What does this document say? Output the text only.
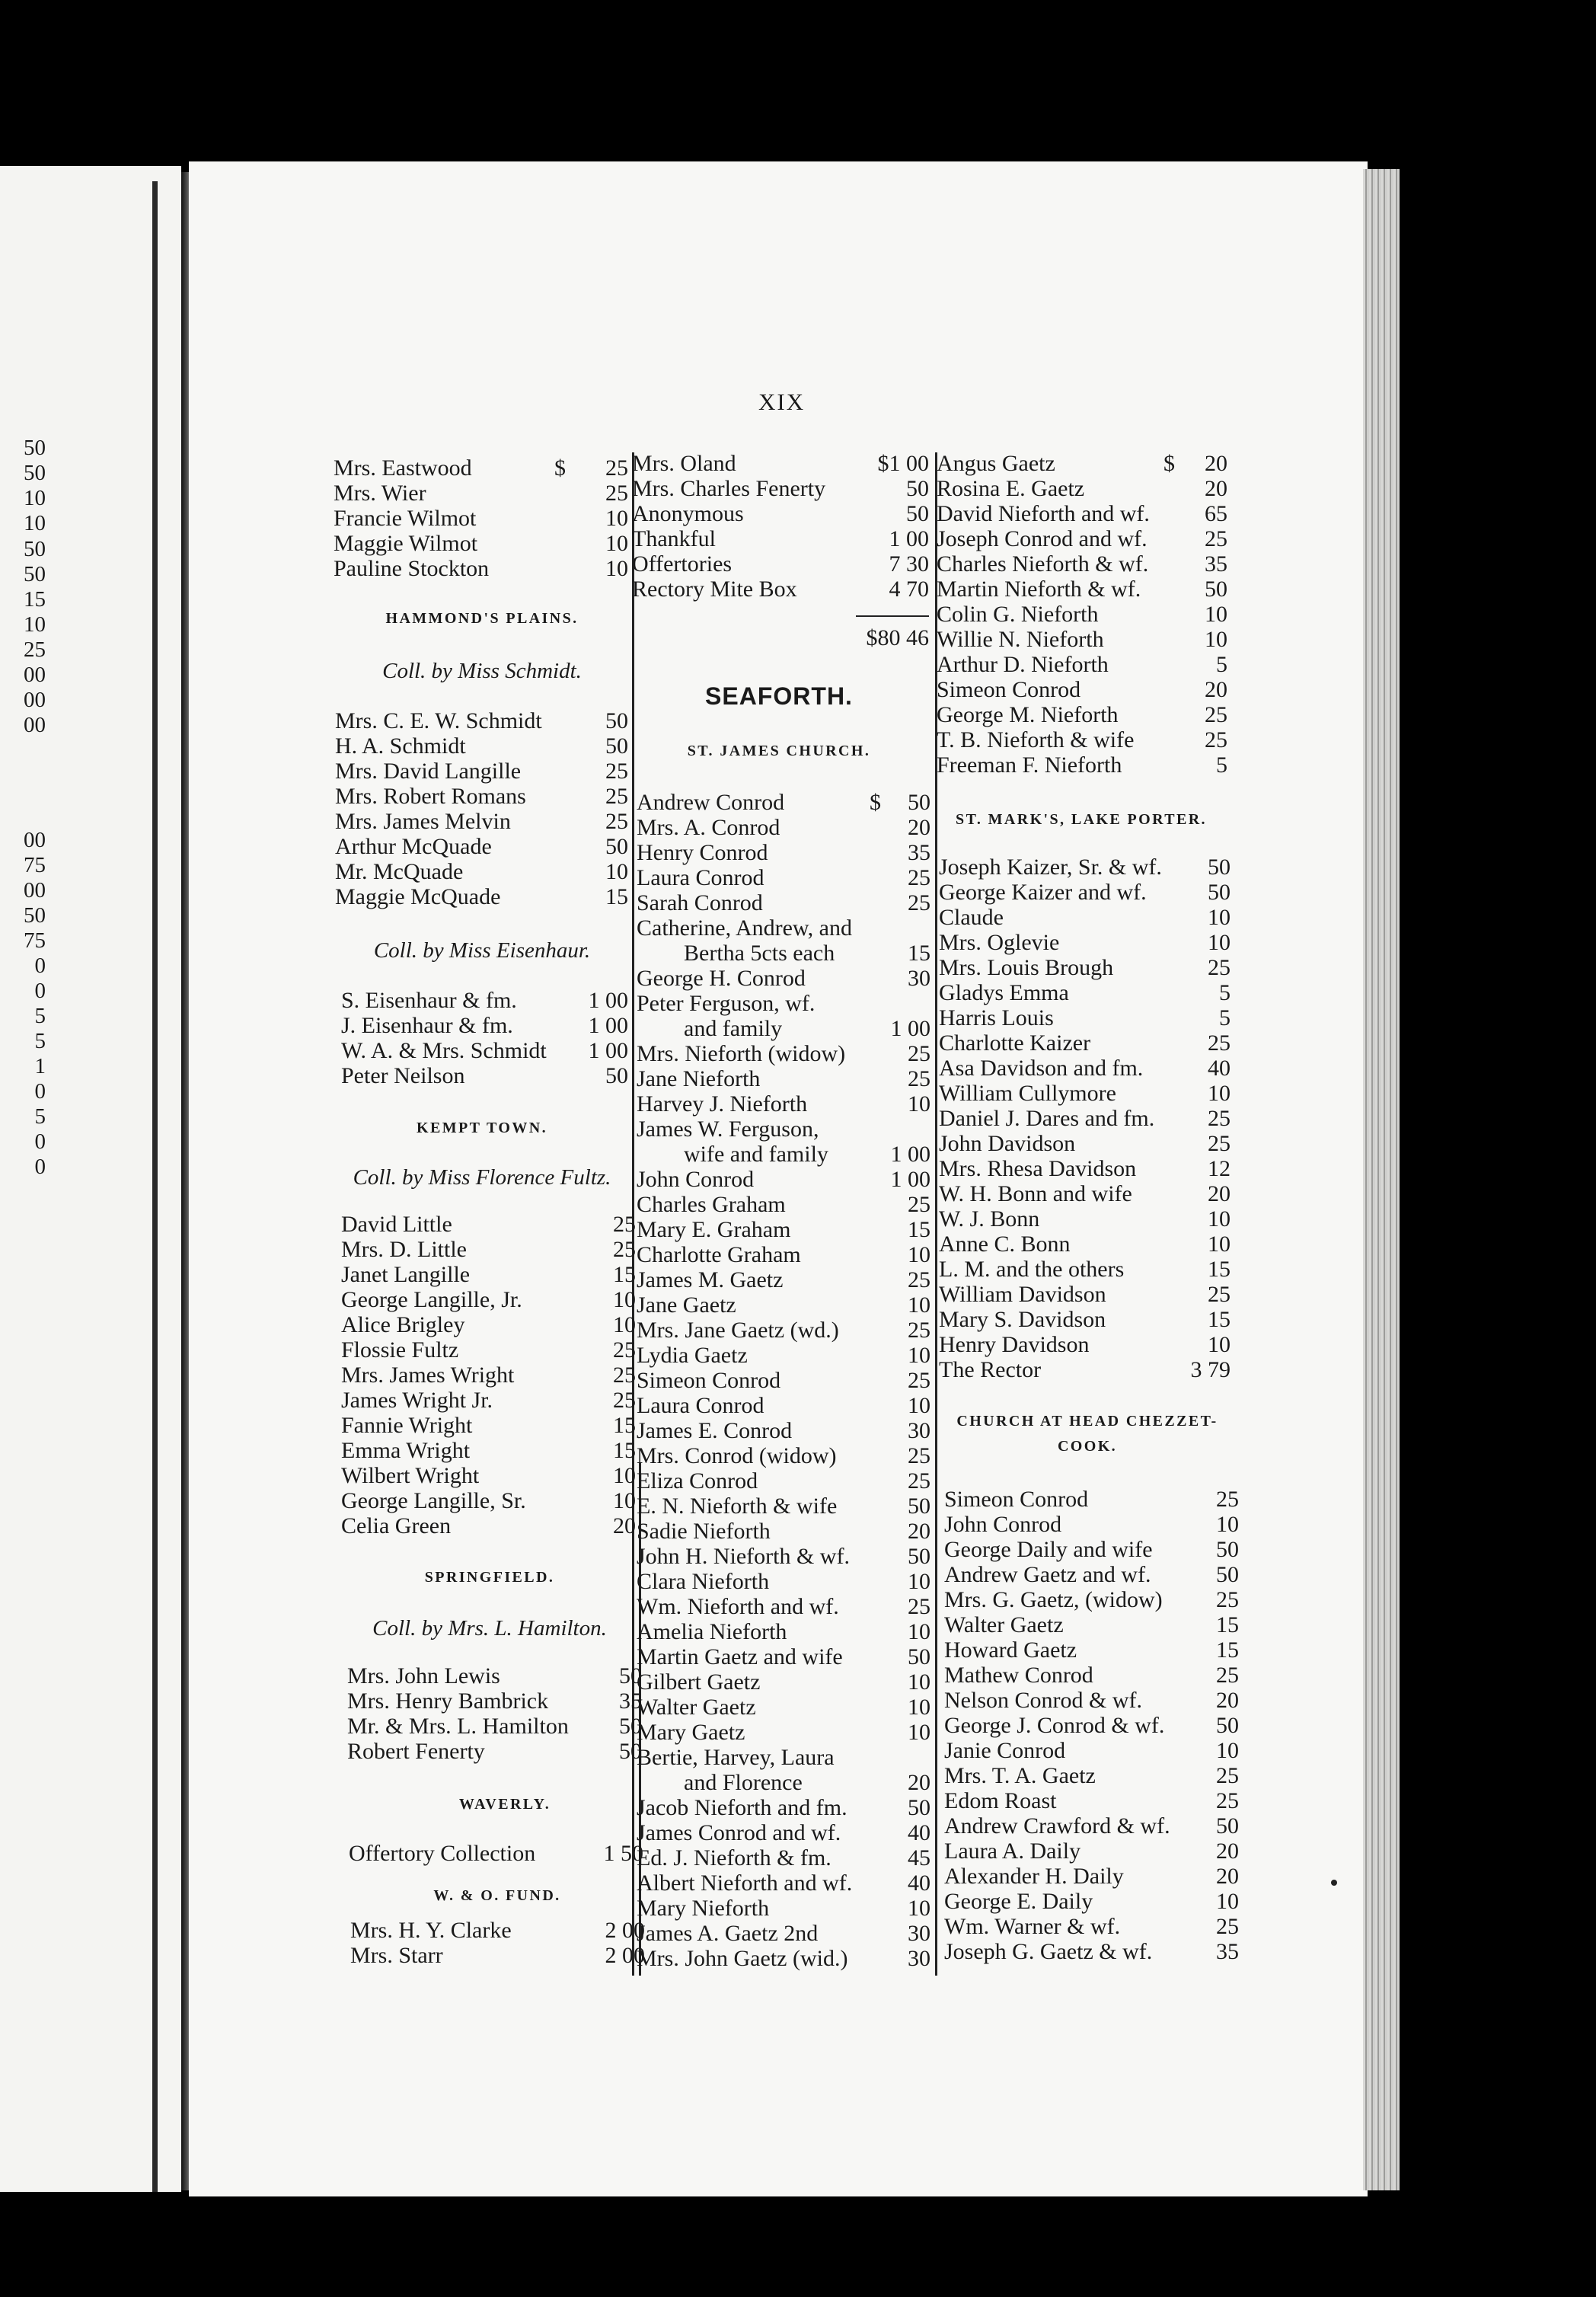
50
50
10
10
50
50
15
10
25
00
00
00
00
75
00
50
75
0
0
5
5
1
0
5
0
0
XIX
Mrs. Eastwood	$ 25
Mrs. Wier	25
Francie Wilmot	10
Maggie Wilmot	10
Pauline Stockton	10
HAMMOND'S PLAINS.
Coll. by Miss Schmidt.
Mrs. C. E. W. Schmidt	50
H. A. Schmidt	50
Mrs. David Langille	25
Mrs. Robert Romans	25
Mrs. James Melvin	25
Arthur McQuade	50
Mr. McQuade	10
Maggie McQuade	15
Coll. by Miss Eisenhaur.
S. Eisenhaur & fm.	1 00
J. Eisenhaur & fm.	1 00
W. A. & Mrs. Schmidt 1 00
Peter Neilson	50
KEMPT TOWN.
Coll. by Miss Florence Fultz.
David Little	25
Mrs. D. Little	25
Janet Langille	15
George Langille, Jr.	10
Alice Brigley	10
Flossie Fultz	25
Mrs. James Wright	25
James Wright Jr.	25
Fannie Wright	15
Emma Wright	15
Wilbert Wright	10
George Langille, Sr.	10
Celia Green	20
SPRINGFIELD.
Coll. by Mrs. L. Hamilton.
Mrs. John Lewis	50
Mrs. Henry Bambrick	35
Mr. & Mrs. L. Hamilton 50
Robert Fenerty	50
WAVERLY.
Offertory Collection	1 50
W. & O. FUND.
Mrs. H. Y. Clarke	2 00
Mrs. Starr	2 00
Mrs. Oland	$1 00
Mrs. Charles Fenerty	50
Anonymous	50
Thankful	1 00
Offertories	7 30
Rectory Mite Box	4 70
$80 46
SEAFORTH.
ST. JAMES CHURCH.
Andrew Conrod	$ 50
Mrs. A. Conrod	20
Henry Conrod	35
Laura Conrod	25
Sarah Conrod	25
Catherine, Andrew, and
Bertha 5cts each	15
George H. Conrod	30
Peter Ferguson, wf.
and family	1 00
Mrs. Nieforth (widow)	25
Jane Nieforth	25
Harvey J. Nieforth	10
James W. Ferguson,
wife and family	1 00
John Conrod	1 00
Charles Graham	25
Mary E. Graham	15
Charlotte Graham	10
James M. Gaetz	25
Jane Gaetz	10
Mrs. Jane Gaetz (wd.)	25
Lydia Gaetz	10
Simeon Conrod	25
Laura Conrod	10
James E. Conrod	30
Mrs. Conrod (widow)	25
Eliza Conrod	25
E. N. Nieforth & wife	50
Sadie Nieforth	20
John H. Nieforth & wf.	50
Clara Nieforth	10
Wm. Nieforth and wf.	25
Amelia Nieforth	10
Martin Gaetz and wife	50
Gilbert Gaetz	10
Walter Gaetz	10
Mary Gaetz	10
Bertie, Harvey, Laura
and Florence	20
Jacob Nieforth and fm.	50
James Conrod and wf.	40
Ed. J. Nieforth & fm.	45
Albert Nieforth and wf. 40
Mary Nieforth	10
James A. Gaetz 2nd	30
Mrs. John Gaetz (wid.)	30
Angus Gaetz	$ 20
Rosina E. Gaetz	20
David Nieforth and wf. 65
Joseph Conrod and wf.	25
Charles Nieforth & wf. 35
Martin Nieforth & wf.	50
Colin G. Nieforth	10
Willie N. Nieforth	10
Arthur D. Nieforth	5
Simeon Conrod	20
George M. Nieforth	25
T. B. Nieforth & wife	25
Freeman F. Nieforth	5
ST. MARK'S, LAKE PORTER.
Joseph Kaizer, Sr. & wf. 50
George Kaizer and wf.	50
Claude	10
Mrs. Oglevie	10
Mrs. Louis Brough	25
Gladys Emma	5
Harris Louis	5
Charlotte Kaizer	25
Asa Davidson and fm.	40
William Cullymore	10
Daniel J. Dares and fm. 25
John Davidson	25
Mrs. Rhesa Davidson	12
W. H. Bonn and wife	20
W. J. Bonn	10
Anne C. Bonn	10
L. M. and the others	15
William Davidson	25
Mary S. Davidson	15
Henry Davidson	10
The Rector	3 79
CHURCH AT HEAD CHEZZET-
COOK.
Simeon Conrod	25
John Conrod	10
George Daily and wife	50
Andrew Gaetz and wf.	50
Mrs. G. Gaetz, (widow) 25
Walter Gaetz	15
Howard Gaetz	15
Mathew Conrod	25
Nelson Conrod & wf.	20
George J. Conrod & wf. 50
Janie Conrod	10
Mrs. T. A. Gaetz	25
Edom Roast	25
Andrew Crawford & wf. 50
Laura A. Daily	20
Alexander H. Daily	20
George E. Daily	10
Wm. Warner & wf.	25
Joseph G. Gaetz & wf.	35
